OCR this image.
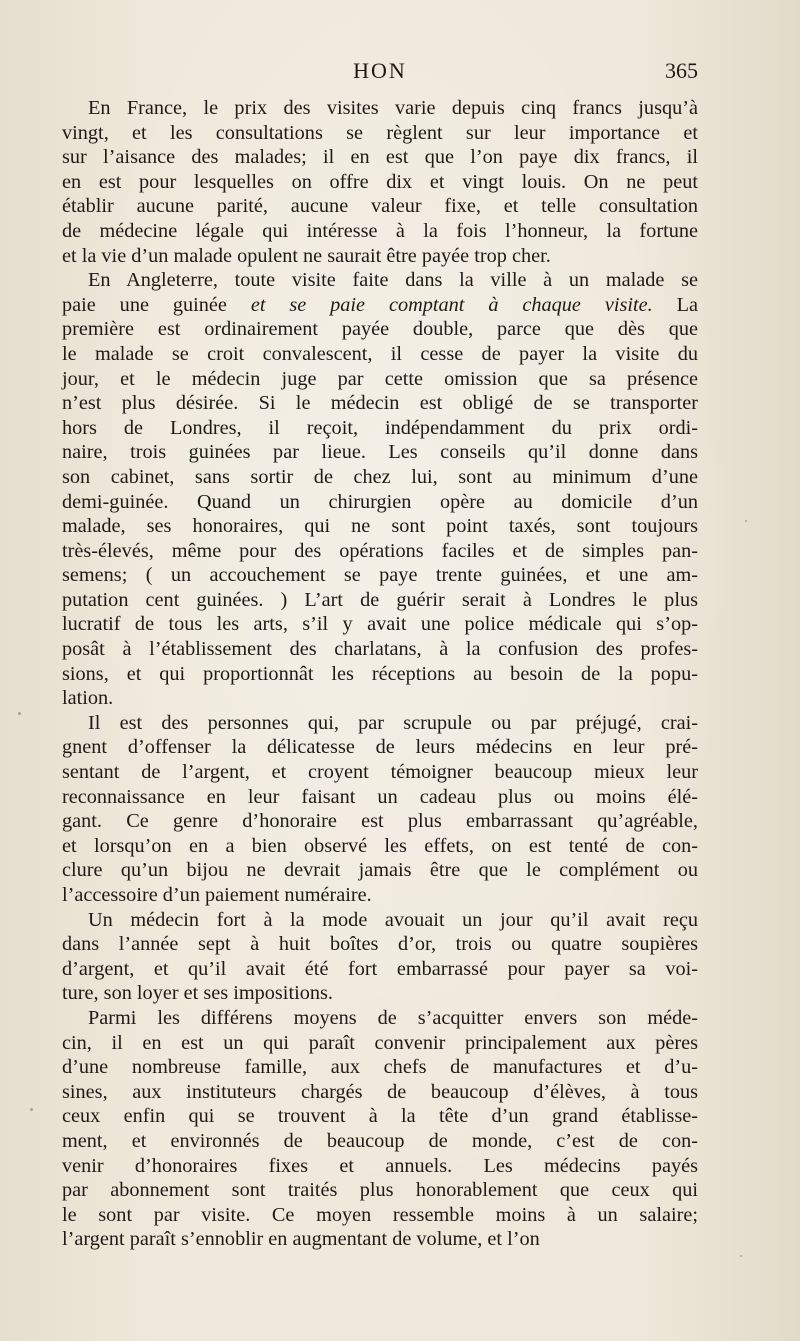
HON	365
En France, le prix des visites varie depuis cinq francs jusqu’à
vingt, et les consultations se règlent sur leur importance et
sur l’aisance des malades; il en est que l’on paye dix francs, il
en est pour lesquelles on offre dix et vingt louis. On ne peut
établir aucune parité, aucune valeur fixe, et telle consultation
de médecine légale qui intéresse à la fois l’honneur, la fortune
et la vie d’un malade opulent ne saurait être payée trop cher.
En Angleterre, toute visite faite dans la ville à un malade se
paie une guinée et se paie comptant à chaque visite. La
première est ordinairement payée double, parce que dès que
le malade se croit convalescent, il cesse de payer la visite du
jour, et le médecin juge par cette omission que sa présence
n’est plus désirée. Si le médecin est obligé de se transporter
hors de Londres, il reçoit, indépendamment du prix ordi-
naire, trois guinées par lieue. Les conseils qu’il donne dans
son cabinet, sans sortir de chez lui, sont au minimum d’une
demi-guinée. Quand un chirurgien opère au domicile d’un
malade, ses honoraires, qui ne sont point taxés, sont toujours
très-élevés, même pour des opérations faciles et de simples pan-
semens; ( un accouchement se paye trente guinées, et une am-
putation cent guinées. ) L’art de guérir serait à Londres le plus
lucratif de tous les arts, s’il y avait une police médicale qui s’op-
posât à l’établissement des charlatans, à la confusion des profes-
sions, et qui proportionnât les réceptions au besoin de la popu-
lation.
Il est des personnes qui, par scrupule ou par préjugé, crai-
gnent d’offenser la délicatesse de leurs médecins en leur pré-
sentant de l’argent, et croyent témoigner beaucoup mieux leur
reconnaissance en leur faisant un cadeau plus ou moins élé-
gant. Ce genre d’honoraire est plus embarrassant qu’agréable,
et lorsqu’on en a bien observé les effets, on est tenté de con-
clure qu’un bijou ne devrait jamais être que le complément ou
l’accessoire d’un paiement numéraire.
Un médecin fort à la mode avouait un jour qu’il avait reçu
dans l’année sept à huit boîtes d’or, trois ou quatre soupières
d’argent, et qu’il avait été fort embarrassé pour payer sa voi-
ture, son loyer et ses impositions.
Parmi les différens moyens de s’acquitter envers son méde-
cin, il en est un qui paraît convenir principalement aux pères
d’une nombreuse famille, aux chefs de manufactures et d’u-
sines, aux instituteurs chargés de beaucoup d’élèves, à tous
ceux enfin qui se trouvent à la tête d’un grand établisse-
ment, et environnés de beaucoup de monde, c’est de con-
venir d’honoraires fixes et annuels. Les médecins payés
par abonnement sont traités plus honorablement que ceux qui
le sont par visite. Ce moyen ressemble moins à un salaire;
l’argent paraît s’ennoblir en augmentant de volume, et l’on
